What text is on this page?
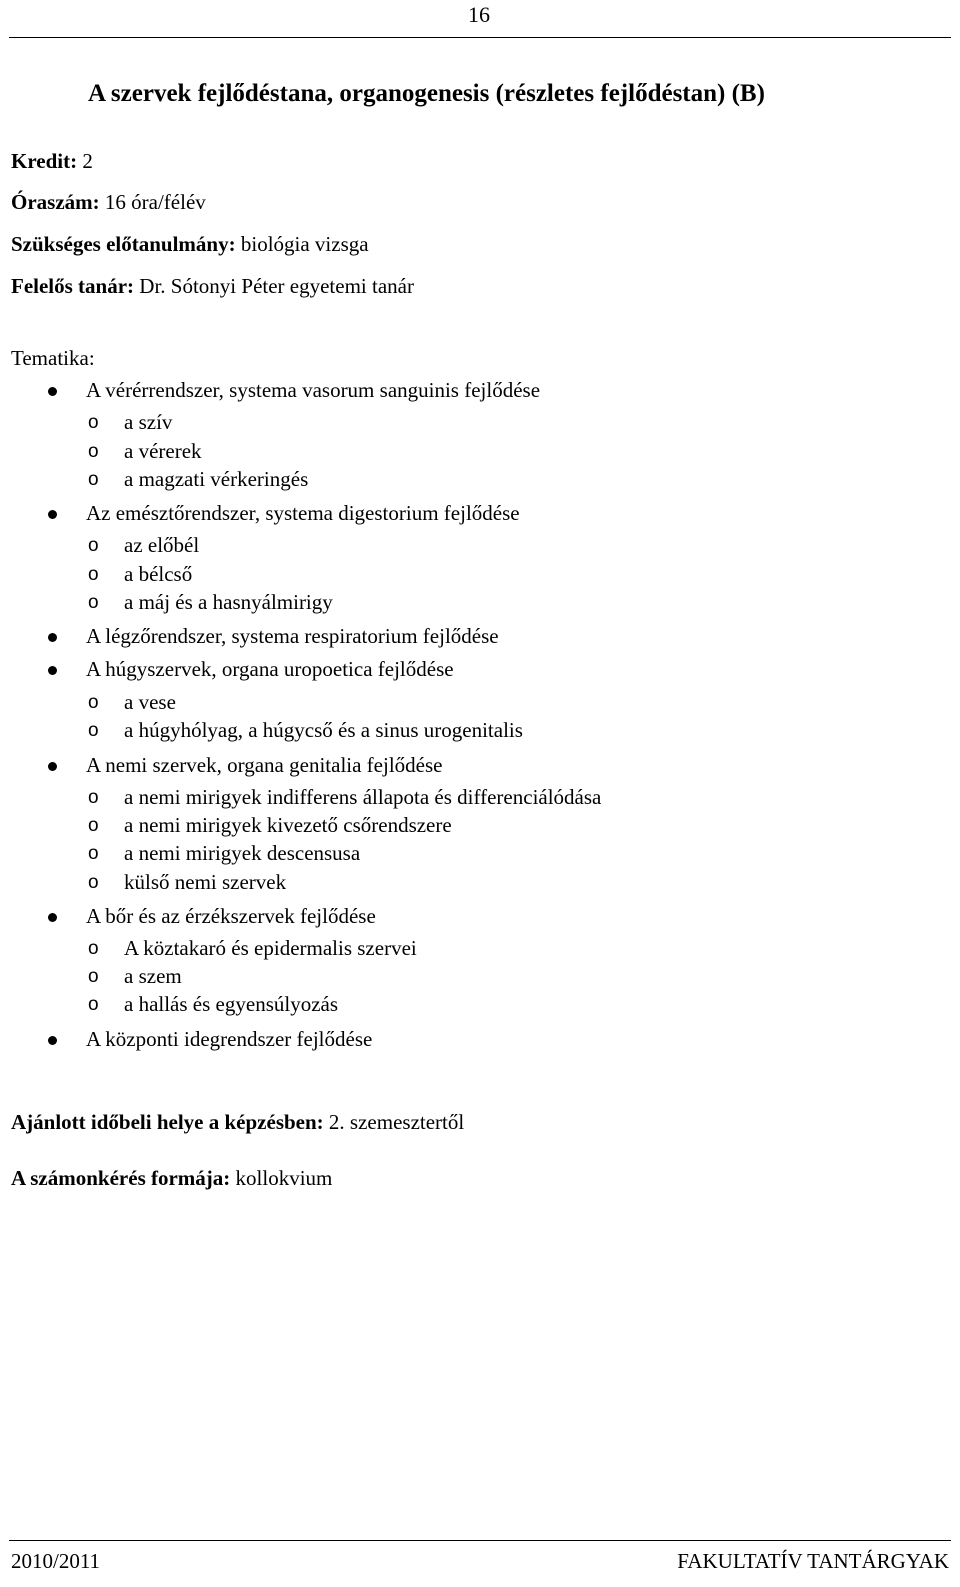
16
A szervek fejlődéstana, organogenesis (részletes fejlődéstan) (B)
Kredit: 2
Óraszám: 16 óra/félév
Szükséges előtanulmány: biológia vizsga
Felelős tanár: Dr. Sótonyi Péter egyetemi tanár
Tematika:
A vérérrendszer, systema vasorum sanguinis fejlődése
o a szív
o a vérerek
o a magzati vérkeringés
Az emésztőrendszer, systema digestorium fejlődése
o az előbél
o a bélcső
o a máj és a hasnyálmirigy
A légzőrendszer, systema respiratorium fejlődése
A húgyszervek, organa uropoetica fejlődése
o a vese
o a húgyhólyag, a húgycső és a sinus urogenitalis
A nemi szervek, organa genitalia fejlődése
o a nemi mirigyek indifferens állapota és differenciálódása
o a nemi mirigyek kivezető csőrendszere
o a nemi mirigyek descensusa
o külső nemi szervek
A bőr és az érzékszervek fejlődése
o A köztakaró és epidermalis szervei
o a szem
o a hallás és egyensúlyozás
A központi idegrendszer fejlődése
Ajánlott időbeli helye a képzésben: 2. szemesztertől
A számonkérés formája: kollokvium
2010/2011	FAKULTATÍV TANTÁRGYAK
